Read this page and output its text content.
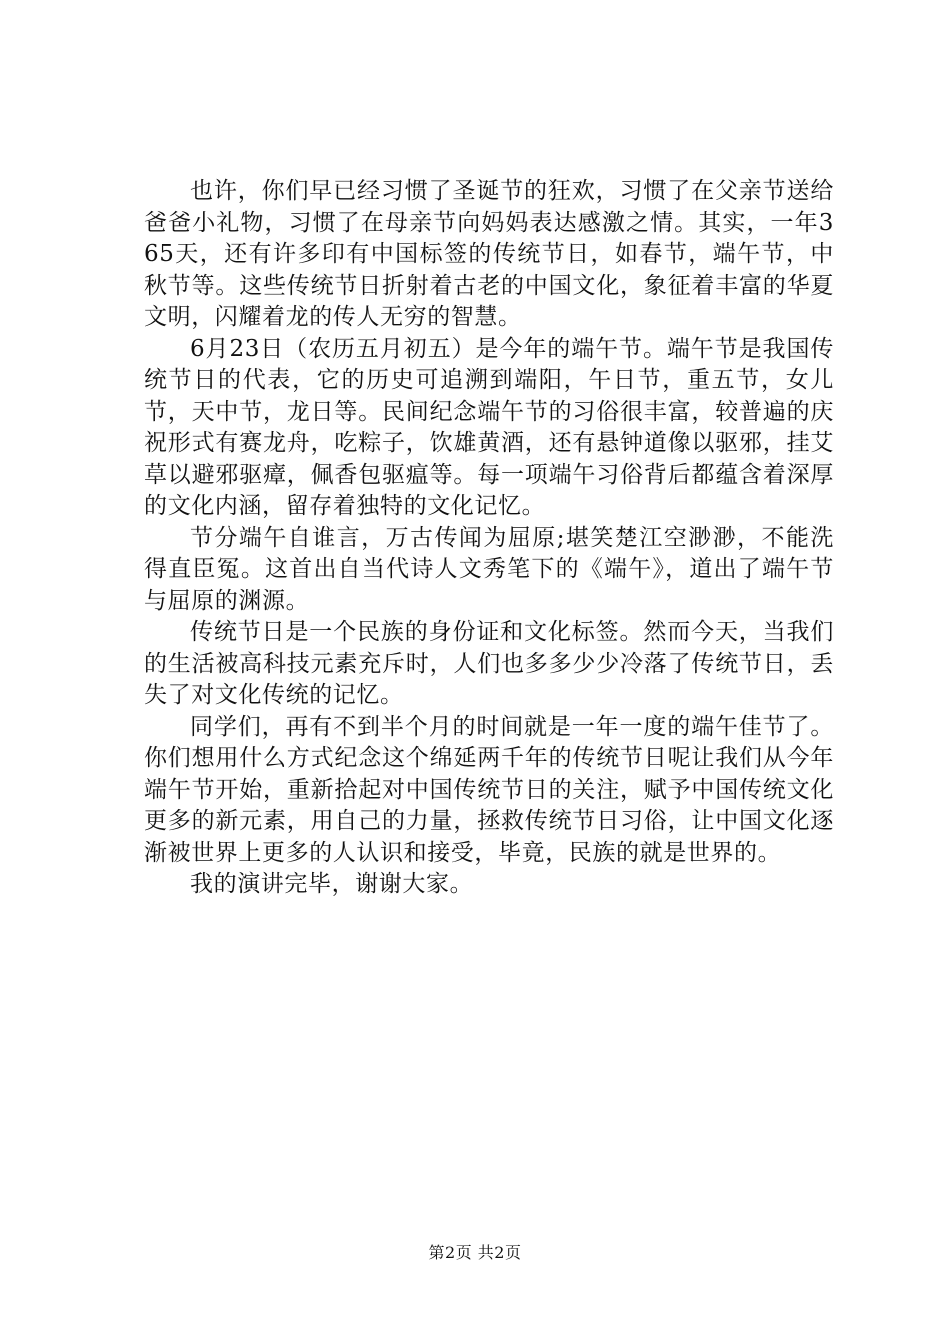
也许，你们早已经习惯了圣诞节的狂欢，习惯了在父亲节送给爸爸小礼物，习惯了在母亲节向妈妈表达感激之情。其实，一年365天，还有许多印有中国标签的传统节日，如春节，端午节，中秋节等。这些传统节日折射着古老的中国文化，象征着丰富的华夏文明，闪耀着龙的传人无穷的智慧。

6月23日（农历五月初五）是今年的端午节。端午节是我国传统节日的代表，它的历史可追溯到端阳，午日节，重五节，女儿节，天中节，龙日等。民间纪念端午节的习俗很丰富，较普遍的庆祝形式有赛龙舟，吃粽子，饮雄黄酒，还有悬钟道像以驱邪，挂艾草以避邪驱瘴，佩香包驱瘟等。每一项端午习俗背后都蕴含着深厚的文化内涵，留存着独特的文化记忆。

节分端午自谁言，万古传闻为屈原;堪笑楚江空渺渺，不能洗得直臣冤。这首出自当代诗人文秀笔下的《端午》，道出了端午节与屈原的渊源。

传统节日是一个民族的身份证和文化标签。然而今天，当我们的生活被高科技元素充斥时，人们也多多少少冷落了传统节日，丢失了对文化传统的记忆。

同学们，再有不到半个月的时间就是一年一度的端午佳节了。你们想用什么方式纪念这个绵延两千年的传统节日呢让我们从今年端午节开始，重新拾起对中国传统节日的关注，赋予中国传统文化更多的新元素，用自己的力量，拯救传统节日习俗，让中国文化逐渐被世界上更多的人认识和接受，毕竟，民族的就是世界的。

我的演讲完毕，谢谢大家。

第2页 共2页
